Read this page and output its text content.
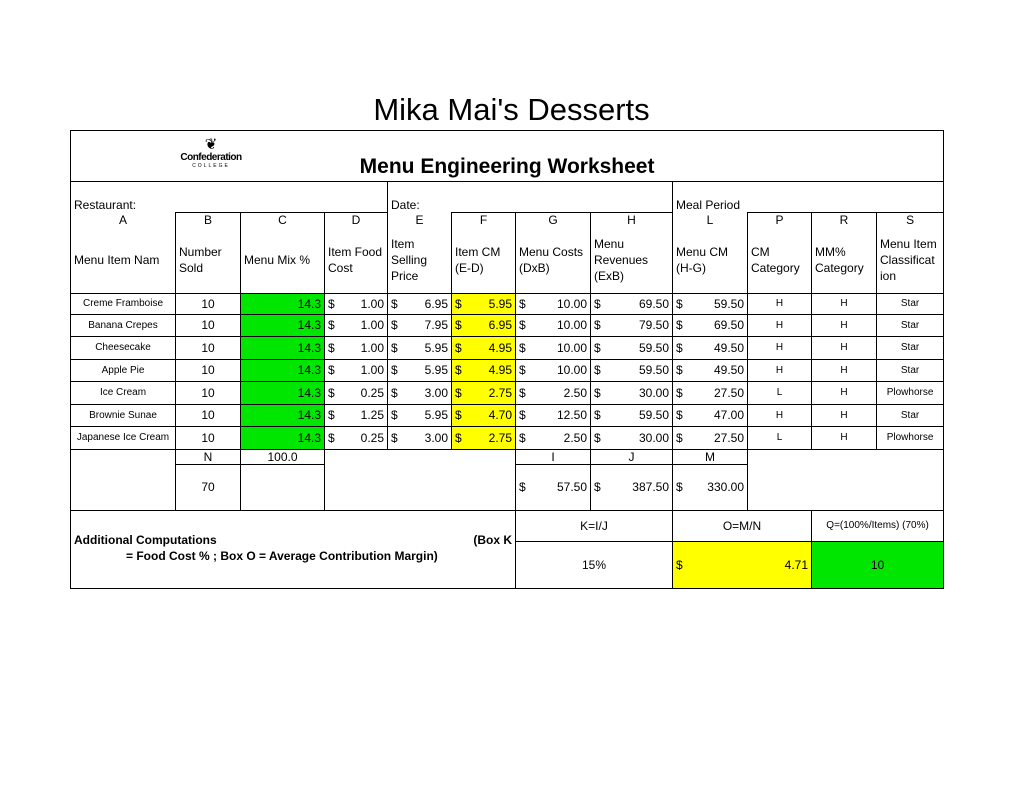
Mika Mai's Desserts
❦
Confederation
COLLEGE	Menu Engineering Worksheet											
Restaurant:				Date:				Meal Period			
A	B	C	D	E	F	G	H	L	P	R	S
Menu Item Nam	Number Sold	Menu Mix %	Item Food Cost	Item Selling Price	Item CM (E-D)	Menu Costs (DxB)	Menu Revenues (ExB)	Menu CM (H-G)	CM Category	MM% Category	Menu Item Classificat ion
Creme Framboise	10	14.3	$ 1.00	$ 6.95	$ 5.95	$ 10.00	$ 69.50	$ 59.50	H	H	Star
Banana Crepes	10	14.3	$ 1.00	$ 7.95	$ 6.95	$ 10.00	$ 79.50	$ 69.50	H	H	Star
Cheesecake	10	14.3	$ 1.00	$ 5.95	$ 4.95	$ 10.00	$ 59.50	$ 49.50	H	H	Star
Apple Pie	10	14.3	$ 1.00	$ 5.95	$ 4.95	$ 10.00	$ 59.50	$ 49.50	H	H	Star
Ice Cream	10	14.3	$ 0.25	$ 3.00	$ 2.75	$ 2.50	$ 30.00	$ 27.50	L	H	Plowhorse
Brownie Sunae	10	14.3	$ 1.25	$ 5.95	$ 4.70	$ 12.50	$ 59.50	$ 47.00	H	H	Star
Japanese Ice Cream	10	14.3	$ 0.25	$ 3.00	$ 2.75	$ 2.50	$ 30.00	$ 27.50	L	H	Plowhorse
	N	100.0				I	J	M			
	70					$ 57.50	$ 387.50	$ 330.00			

Additional Computations (Box K
= Food Cost % ; Box O = Average Contribution Margin)						K=I/J		O=M/N		Q=(100%/Items) (70%)	
						15%		$ 4.71		10	
